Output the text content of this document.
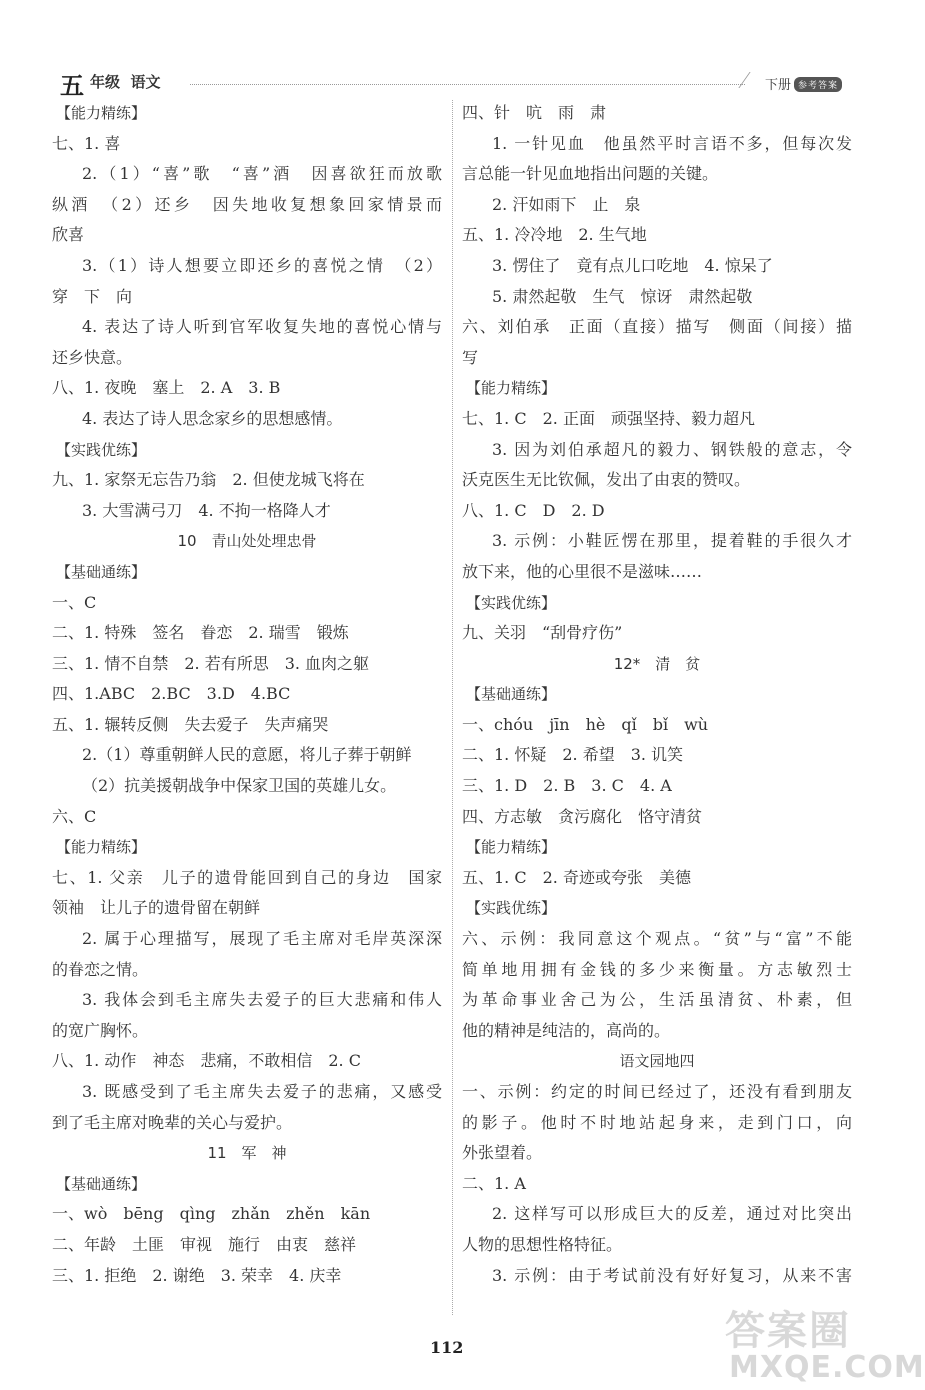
五 年级 语文	下册 参考答案
【能力精练】
七、1. 喜
2.（1）“喜”歌　“喜”酒　因喜欲狂而放歌
纵酒　（2）还乡　因失地收复想象回家情景而
欣喜
3.（1）诗人想要立即还乡的喜悦之情　（2）
穿　下　向
4. 表达了诗人听到官军收复失地的喜悦心情与
还乡快意。
八、1. 夜晚　塞上　2. A　3. B
4. 表达了诗人思念家乡的思想感情。
【实践优练】
九、1. 家祭无忘告乃翁　2. 但使龙城飞将在
3. 大雪满弓刀　4. 不拘一格降人才
10　青山处处埋忠骨
【基础通练】
一、C
二、1. 特殊　签名　眷恋　2. 瑞雪　锻炼
三、1. 情不自禁　2. 若有所思　3. 血肉之躯
四、1.ABC　2.BC　3.D　4.BC
五、1. 辗转反侧　失去爱子　失声痛哭
2.（1）尊重朝鲜人民的意愿，将儿子葬于朝鲜
（2）抗美援朝战争中保家卫国的英雄儿女。
六、C
【能力精练】
七、1. 父亲　儿子的遗骨能回到自己的身边　国家
领袖　让儿子的遗骨留在朝鲜
2. 属于心理描写，展现了毛主席对毛岸英深深
的眷恋之情。
3. 我体会到毛主席失去爱子的巨大悲痛和伟人
的宽广胸怀。
八、1. 动作　神态　悲痛，不敢相信　2. C
3. 既感受到了毛主席失去爱子的悲痛，又感受
到了毛主席对晚辈的关心与爱护。
11　军　神
【基础通练】
一、wò　bēng　qìng　zhǎn　zhěn　kān
二、年龄　土匪　审视　施行　由衷　慈祥
三、1. 拒绝　2. 谢绝　3. 荣幸　4. 庆幸
四、针　吭　雨　肃
1. 一针见血　他虽然平时言语不多，但每次发
言总能一针见血地指出问题的关键。
2. 汗如雨下　止　泉
五、1. 冷冷地　2. 生气地
3. 愣住了　竟有点儿口吃地　4. 惊呆了
5. 肃然起敬　生气　惊讶　肃然起敬
六、刘伯承　正面（直接）描写　侧面（间接）描
写
【能力精练】
七、1. C　2. 正面　顽强坚持、毅力超凡
3. 因为刘伯承超凡的毅力、钢铁般的意志，令
沃克医生无比钦佩，发出了由衷的赞叹。
八、1. C　D　2. D
3. 示例：小鞋匠愣在那里，提着鞋的手很久才
放下来，他的心里很不是滋味……
【实践优练】
九、关羽　“刮骨疗伤”
12*　清　贫
【基础通练】
一、chóu　jīn　hè　qǐ　bǐ　wù
二、1. 怀疑　2. 希望　3. 讥笑
三、1. D　2. B　3. C　4. A
四、方志敏　贪污腐化　恪守清贫
【能力精练】
五、1. C　2. 奇迹或夸张　美德
【实践优练】
六、示例：我同意这个观点。“贫”与“富”不能
简单地用拥有金钱的多少来衡量。方志敏烈士
为革命事业舍己为公，生活虽清贫、朴素，但
他的精神是纯洁的，高尚的。
语文园地四
一、示例：约定的时间已经过了，还没有看到朋友
的影子。他时不时地站起身来，走到门口，向
外张望着。
二、1. A
2. 这样写可以形成巨大的反差，通过对比突出
人物的思想性格特征。
3. 示例：由于考试前没有好好复习，从来不害
112	答案圈
MXQE.COM
